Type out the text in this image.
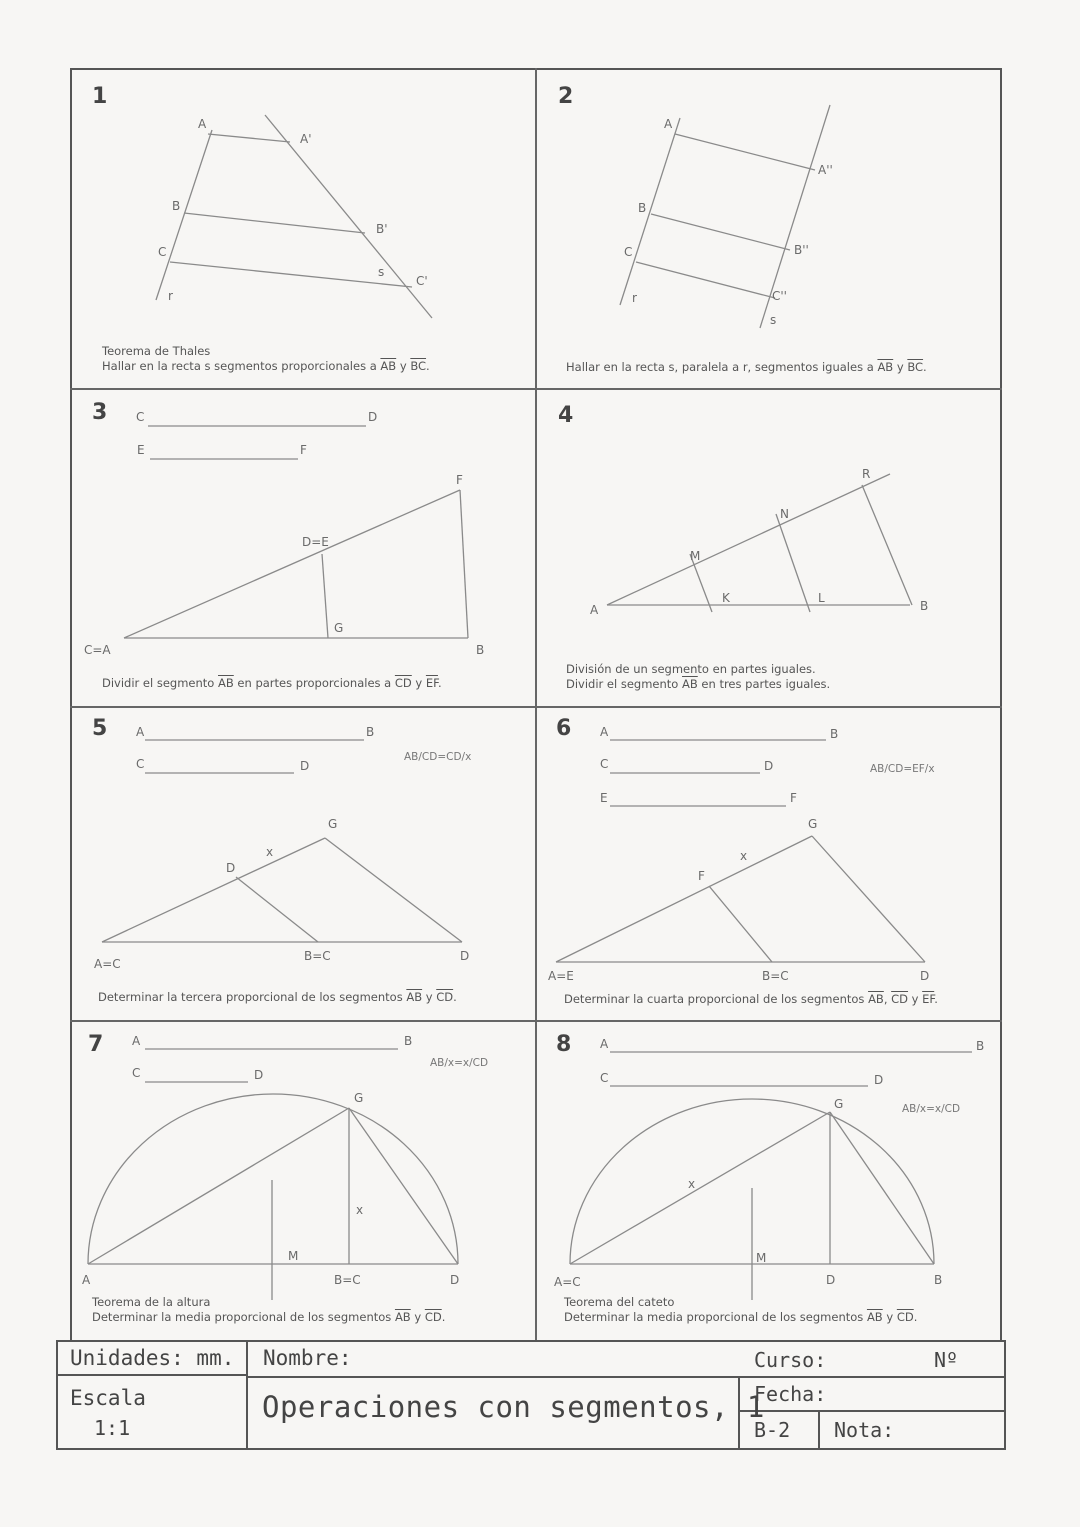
1	2
3	4
5	6
7	8
Teorema de Thales
Hallar en la recta s segmentos proporcionales a $\overline{AB}$ y $\overline{BC}$.	Hallar en la recta s, paralela a r, segmentos iguales a $\overline{AB}$ y $\overline{BC}$.
Dividir el segmento $\overline{AB}$ en partes proporcionales a $\overline{CD}$ y $\overline{EF}$.
División de un segmento en partes iguales.
Dividir el segmento $\overline{AB}$ en tres partes iguales.
Determinar la tercera proporcional de los segmentos $\overline{AB}$ y $\overline{CD}$.	Determinar la cuarta proporcional de los segmentos $\overline{AB}$, $\overline{CD}$ y $\overline{EF}$.
Teorema de la altura
Determinar la media proporcional de los segmentos $\overline{AB}$ y $\overline{CD}$.
Teorema del cateto
Determinar la media proporcional de los segmentos $\overline{AB}$ y $\overline{CD}$.
A
B
C
r
A'
B'
C'
s
A
B
C
r
A''
B''
C''
s
C	D
E	F
D=E
F
G
C=A	B
A	B
M
N
R
K	L
A	B
C	D
G
D
x
A=C
B=C	D
A	B
C	D
E	F
G
F
x
A=E	B=C	D
A	B
C	D
G
x
M
A	B=C	D
A	B
C	D
G
x
M
A=C	D	B
AB/CD=CD/x
AB/CD=EF/x
AB/x=x/CD
AB/x=x/CD
Unidades: mm. Nombre:	Curso:	Nº
Escala
1:1
Operaciones con segmentos, 1
Fecha:
B-2 Nota:
